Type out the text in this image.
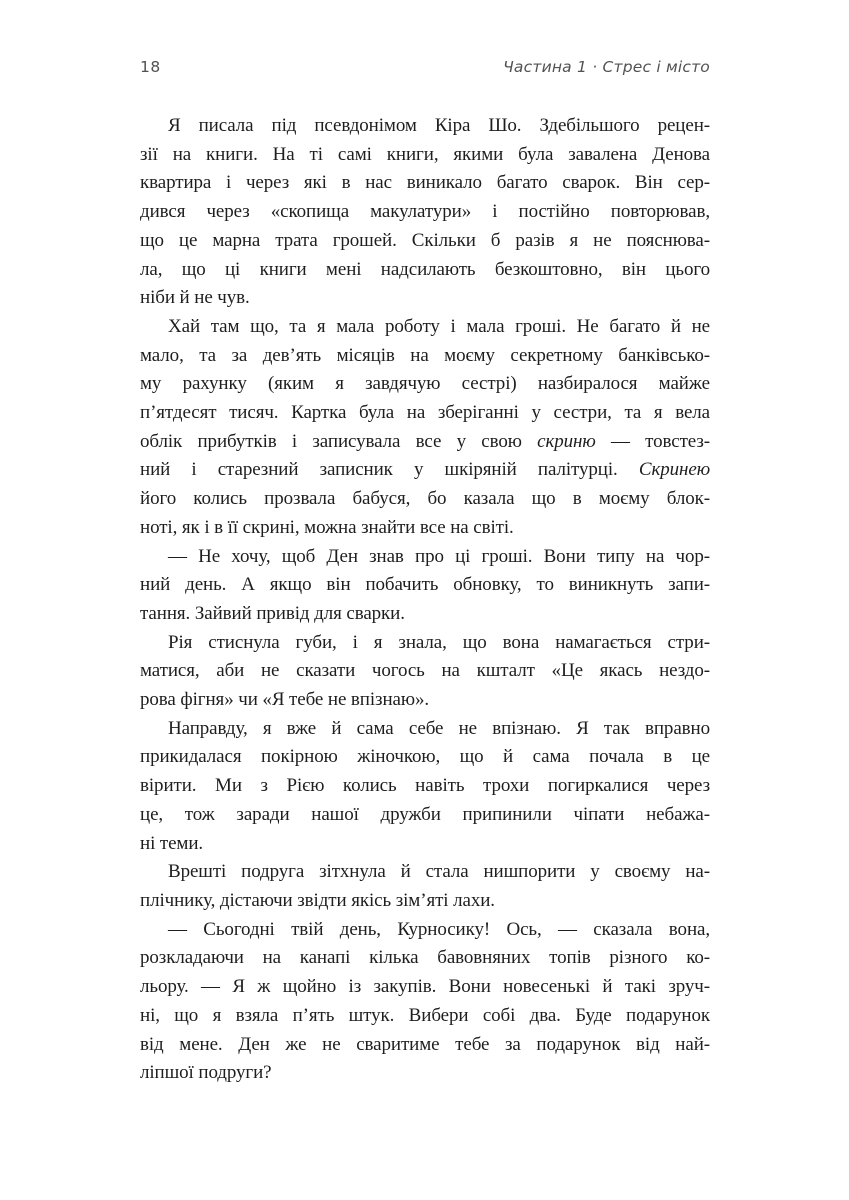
18	Частина 1 · Стрес і місто
Я писала під псевдонімом Кіра Шо. Здебільшого рецен-
зії на книги. На ті самі книги, якими була завалена Денова
квартира і через які в нас виникало багато сварок. Він сер-
дився через «скопища макулатури» і постійно повторював,
що це марна трата грошей. Скільки б разів я не пояснюва-
ла, що ці книги мені надсилають безкоштовно, він цього
ніби й не чув.
Хай там що, та я мала роботу і мала гроші. Не багато й не
мало, та за дев’ять місяців на моєму секретному банківсько-
му рахунку (яким я завдячую сестрі) назбиралося майже
п’ятдесят тисяч. Картка була на зберіганні у сестри, та я вела
облік прибутків і записувала все у свою скриню — товстез-
ний і старезний записник у шкіряній палітурці. Скринею
його колись прозвала бабуся, бо казала що в моєму блок-
ноті, як і в її скрині, можна знайти все на світі.
— Не хочу, щоб Ден знав про ці гроші. Вони типу на чор-
ний день. А якщо він побачить обновку, то виникнуть запи-
тання. Зайвий привід для сварки.
Рія стиснула губи, і я знала, що вона намагається стри-
матися, аби не сказати чогось на кшталт «Це якась нездо-
рова фігня» чи «Я тебе не впізнаю».
Направду, я вже й сама себе не впізнаю. Я так вправно
прикидалася покірною жіночкою, що й сама почала в це
вірити. Ми з Рією колись навіть трохи погиркалися через
це, тож заради нашої дружби припинили чіпати небажа-
ні теми.
Врешті подруга зітхнула й стала нишпорити у своєму на-
плічнику, дістаючи звідти якісь зім’яті лахи.
— Сьогодні твій день, Курносику! Ось, — сказала вона,
розкладаючи на канапі кілька бавовняних топів різного ко-
льору. — Я ж щойно із закупів. Вони новесенькі й такі зруч-
ні, що я взяла п’ять штук. Вибери собі два. Буде подарунок
від мене. Ден же не сваритиме тебе за подарунок від най-
ліпшої подруги?
